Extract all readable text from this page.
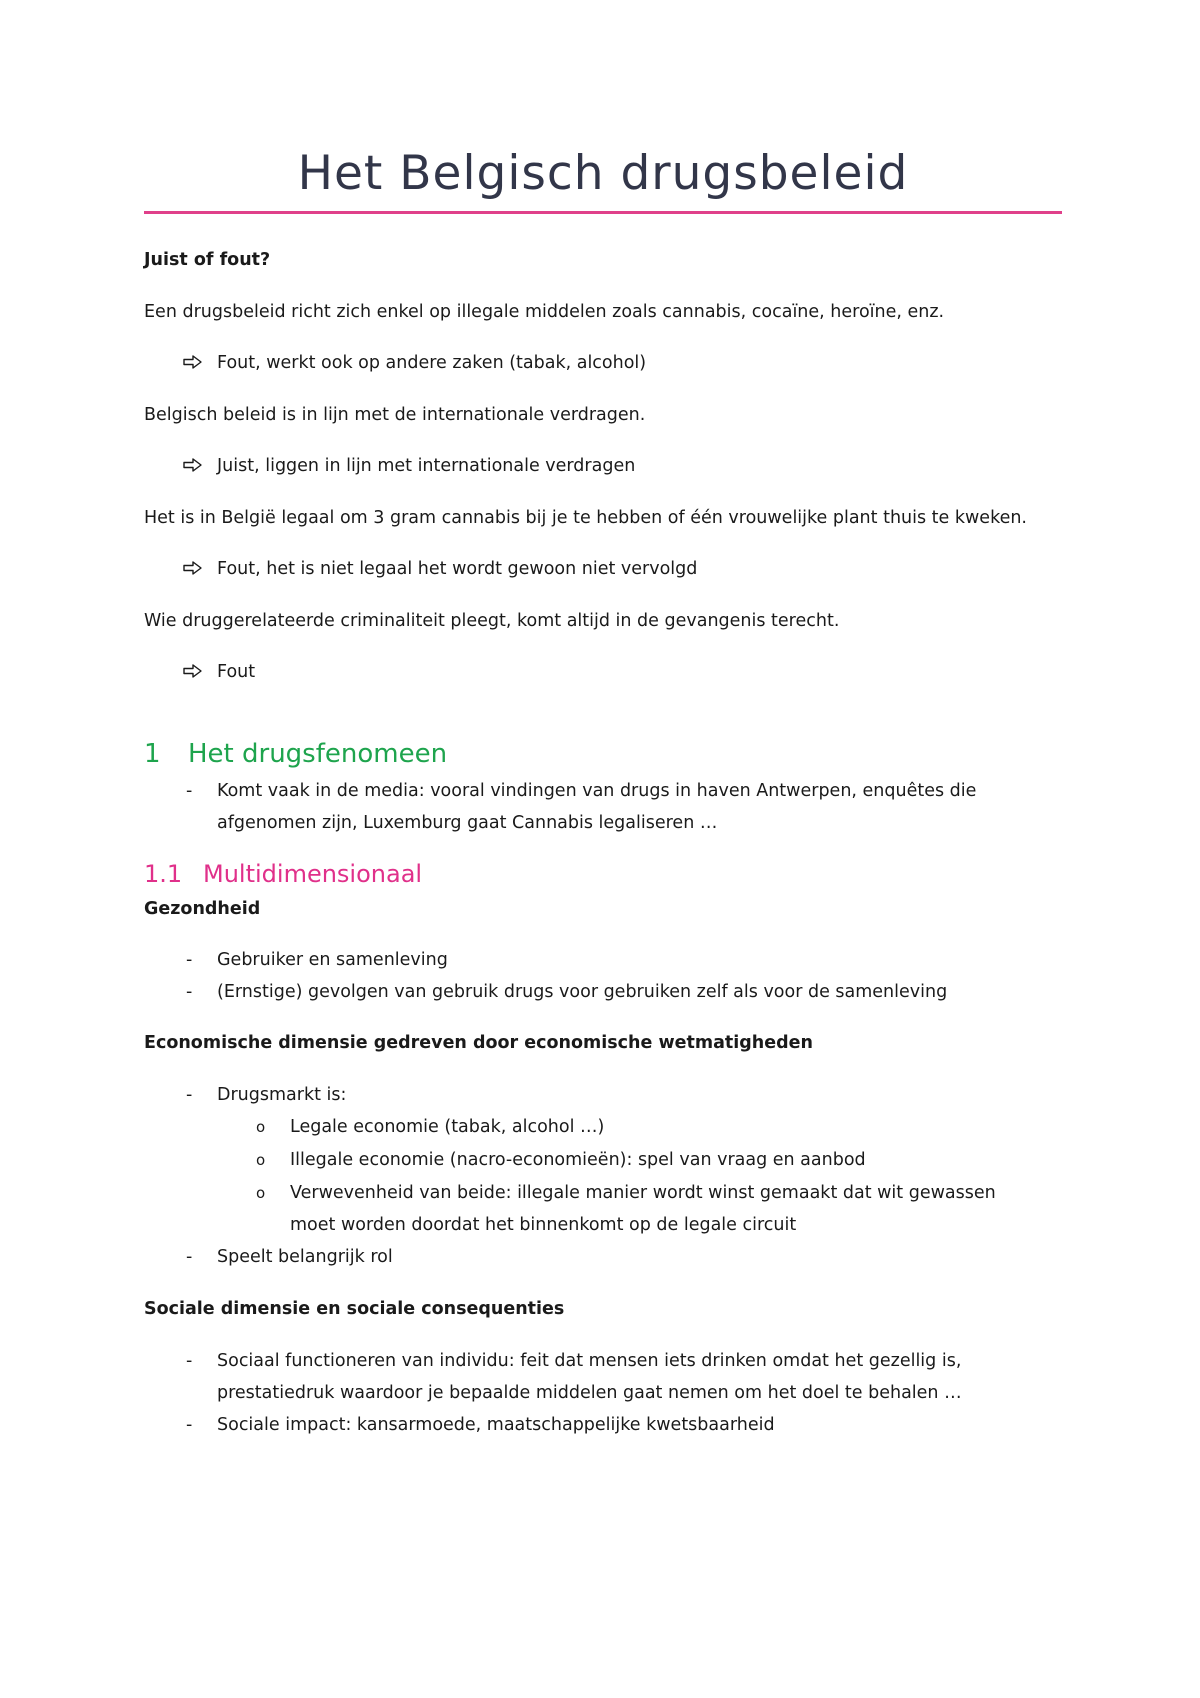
Het Belgisch drugsbeleid
Juist of fout?
Een drugsbeleid richt zich enkel op illegale middelen zoals cannabis, cocaïne, heroïne, enz.
Fout, werkt ook op andere zaken (tabak, alcohol)
Belgisch beleid is in lijn met de internationale verdragen.
Juist, liggen in lijn met internationale verdragen
Het is in België legaal om 3 gram cannabis bij je te hebben of één vrouwelijke plant thuis te kweken.
Fout, het is niet legaal het wordt gewoon niet vervolgd
Wie druggerelateerde criminaliteit pleegt, komt altijd in de gevangenis terecht.
Fout
1 Het drugsfenomeen
- Komt vaak in de media: vooral vindingen van drugs in haven Antwerpen, enquêtes die
afgenomen zijn, Luxemburg gaat Cannabis legaliseren …
1.1 Multidimensionaal
Gezondheid
- Gebruiker en samenleving
- (Ernstige) gevolgen van gebruik drugs voor gebruiken zelf als voor de samenleving
Economische dimensie gedreven door economische wetmatigheden
- Drugsmarkt is:
o Legale economie (tabak, alcohol …)
o Illegale economie (nacro-economieën): spel van vraag en aanbod
o Verwevenheid van beide: illegale manier wordt winst gemaakt dat wit gewassen
moet worden doordat het binnenkomt op de legale circuit
- Speelt belangrijk rol
Sociale dimensie en sociale consequenties
- Sociaal functioneren van individu: feit dat mensen iets drinken omdat het gezellig is,
prestatiedruk waardoor je bepaalde middelen gaat nemen om het doel te behalen …
- Sociale impact: kansarmoede, maatschappelijke kwetsbaarheid
